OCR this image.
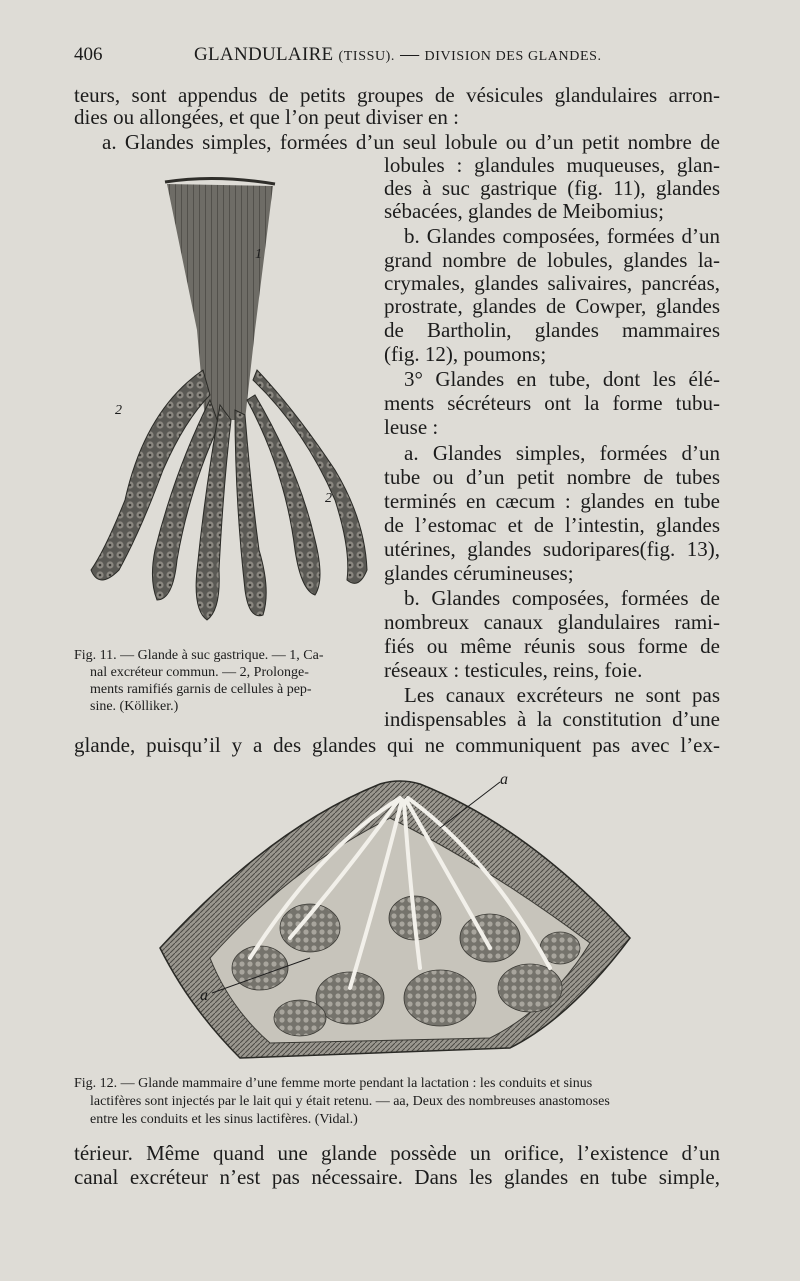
406	GLANDULAIRE (TISSU). — DIVISION DES GLANDES.
teurs, sont appendus de petits groupes de vésicules glandulaires arron-
dies ou allongées, et que l’on peut diviser en :
a. Glandes simples, formées d’un seul lobule ou d’un petit nombre de
lobules : glandules muqueuses, glan-
des à suc gastrique (fig. 11), glandes
sébacées, glandes de Meibomius;
b. Glandes composées, formées d’un
grand nombre de lobules, glandes la-
crymales, glandes salivaires, pancréas,
prostrate, glandes de Cowper, glandes
de Bartholin, glandes mammaires
(fig. 12), poumons;
3° Glandes en tube, dont les élé-
ments sécréteurs ont la forme tubu-
leuse :
a. Glandes simples, formées d’un
tube ou d’un petit nombre de tubes
terminés en cæcum : glandes en tube
de l’estomac et de l’intestin, glandes
utérines, glandes sudoripares(fig. 13),
glandes cérumineuses;
b. Glandes composées, formées de
nombreux canaux glandulaires rami-
fiés ou même réunis sous forme de
réseaux : testicules, reins, foie.
Les canaux excréteurs ne sont pas
indispensables à la constitution d’une
glande, puisqu’il y a des glandes qui ne communiquent pas avec l’ex-
térieur. Même quand une glande possède un orifice, l’existence d’un
canal excréteur n’est pas nécessaire. Dans les glandes en tube simple,
1
2
2
Fig. 11. — Glande à suc gastrique. — 1, Ca-
nal excréteur commun. — 2, Prolonge-
ments ramifiés garnis de cellules à pep-
sine. (Kölliker.)
a
a
Fig. 12. — Glande mammaire d’une femme morte pendant la lactation : les conduits et sinus
lactifères sont injectés par le lait qui y était retenu. — aa, Deux des nombreuses anastomoses
entre les conduits et les sinus lactifères. (Vidal.)
